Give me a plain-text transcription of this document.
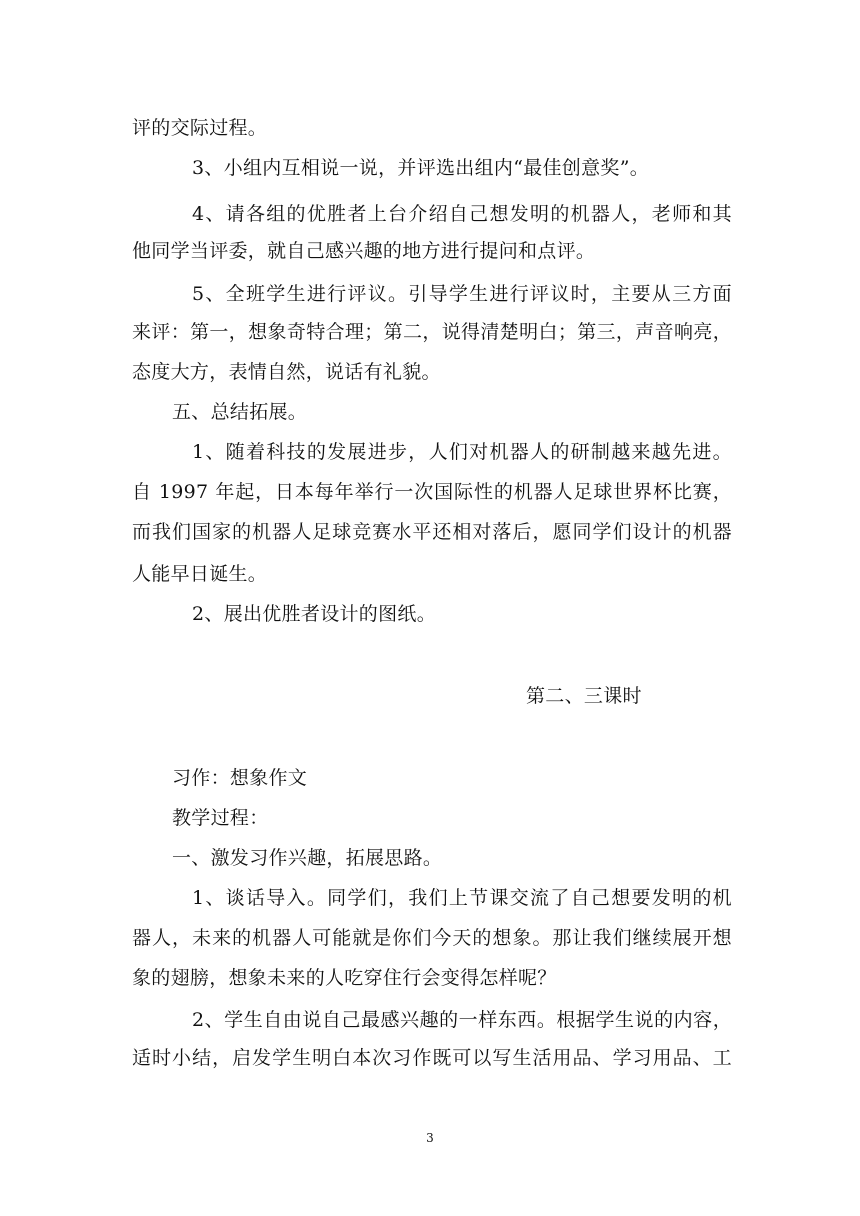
评的交际过程。
3、小组内互相说一说，并评选出组内“最佳创意奖”。
4、请各组的优胜者上台介绍自己想发明的机器人，老师和其
他同学当评委，就自己感兴趣的地方进行提问和点评。
5、全班学生进行评议。引导学生进行评议时，主要从三方面
来评：第一，想象奇特合理；第二，说得清楚明白；第三，声音响亮，
态度大方，表情自然，说话有礼貌。
五、总结拓展。
1、随着科技的发展进步，人们对机器人的研制越来越先进。
自 1997 年起，日本每年举行一次国际性的机器人足球世界杯比赛，
而我们国家的机器人足球竞赛水平还相对落后，愿同学们设计的机器
人能早日诞生。
2、展出优胜者设计的图纸。
第二、三课时
习作：想象作文
教学过程：
一、激发习作兴趣，拓展思路。
1、谈话导入。同学们，我们上节课交流了自己想要发明的机
器人，未来的机器人可能就是你们今天的想象。那让我们继续展开想
象的翅膀，想象未来的人吃穿住行会变得怎样呢？
2、学生自由说自己最感兴趣的一样东西。根据学生说的内容，
适时小结，启发学生明白本次习作既可以写生活用品、学习用品、工
3
